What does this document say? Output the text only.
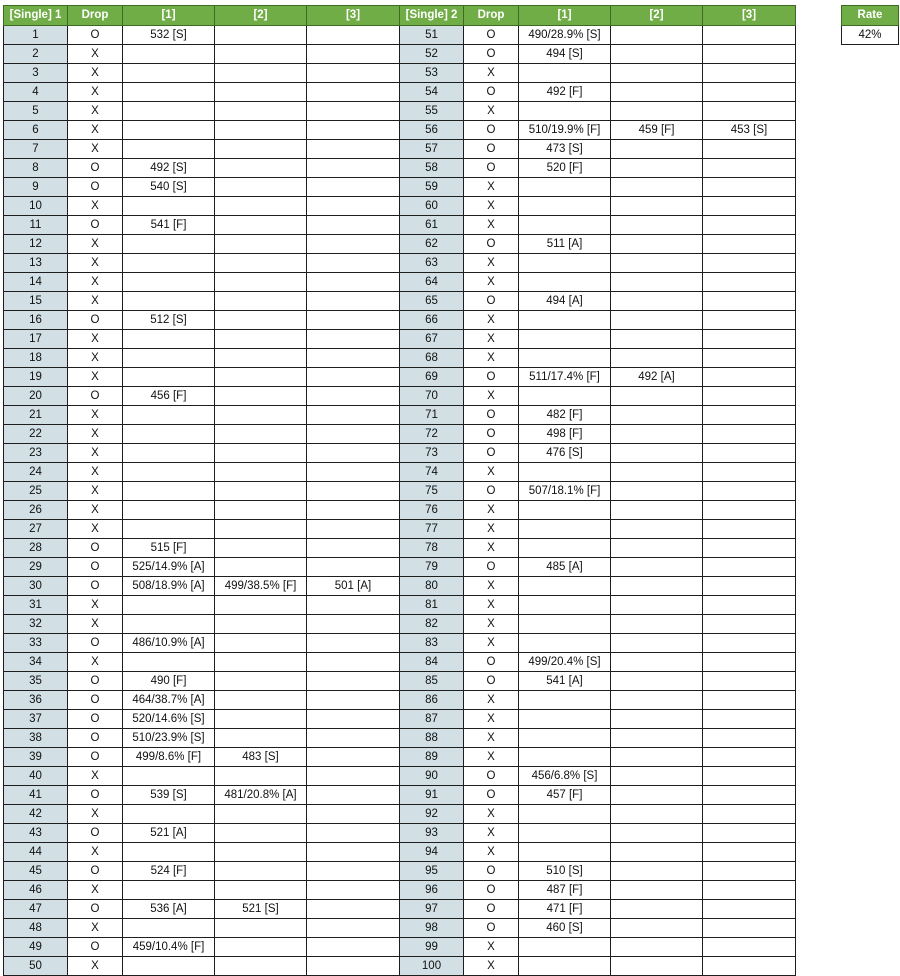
[Single] 1	Drop	[1]	[2]	[3]
1	O	532 [S]		
2	X			
3	X			
4	X			
5	X			
6	X			
7	X			
8	O	492 [S]		
9	O	540 [S]		
10	X			
11	O	541 [F]		
12	X			
13	X			
14	X			
15	X			
16	O	512 [S]		
17	X			
18	X			
19	X			
20	O	456 [F]		
21	X			
22	X			
23	X			
24	X			
25	X			
26	X			
27	X			
28	O	515 [F]		
29	O	525/14.9% [A]		
30	O	508/18.9% [A]	499/38.5% [F]	501 [A]
31	X			
32	X			
33	O	486/10.9% [A]		
34	X			
35	O	490 [F]		
36	O	464/38.7% [A]		
37	O	520/14.6% [S]		
38	O	510/23.9% [S]		
39	O	499/8.6% [F]	483 [S]	
40	X			
41	O	539 [S]	481/20.8% [A]	
42	X			
43	O	521 [A]		
44	X			
45	O	524 [F]		
46	X			
47	O	536 [A]	521 [S]	
48	X			
49	O	459/10.4% [F]		
50	X			
[Single] 2	Drop	[1]	[2]	[3]
51	O	490/28.9% [S]		
52	O	494 [S]		
53	X			
54	O	492 [F]		
55	X			
56	O	510/19.9% [F]	459 [F]	453 [S]
57	O	473 [S]		
58	O	520 [F]		
59	X			
60	X			
61	X			
62	O	511 [A]		
63	X			
64	X			
65	O	494 [A]		
66	X			
67	X			
68	X			
69	O	511/17.4% [F]	492 [A]	
70	X			
71	O	482 [F]		
72	O	498 [F]		
73	O	476 [S]		
74	X			
75	O	507/18.1% [F]		
76	X			
77	X			
78	X			
79	O	485 [A]		
80	X			
81	X			
82	X			
83	X			
84	O	499/20.4% [S]		
85	O	541 [A]		
86	X			
87	X			
88	X			
89	X			
90	O	456/6.8% [S]		
91	O	457 [F]		
92	X			
93	X			
94	X			
95	O	510 [S]		
96	O	487 [F]		
97	O	471 [F]		
98	O	460 [S]		
99	X			
100	X			
Rate
42%
